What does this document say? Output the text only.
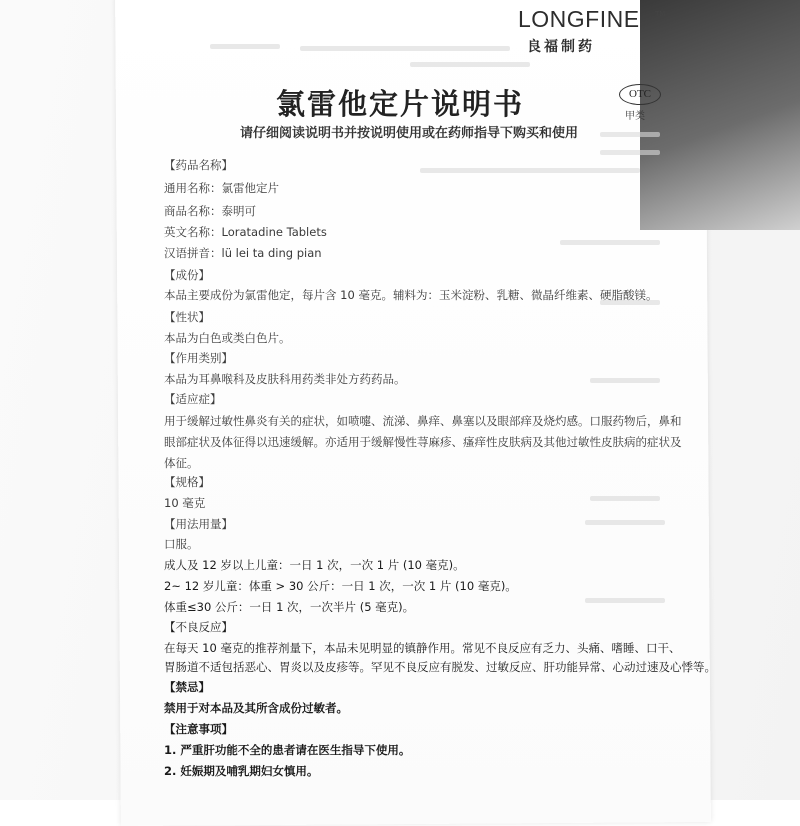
LONGFINE TM
良福制药
氯雷他定片说明书	OTC
甲类
请仔细阅读说明书并按说明使用或在药师指导下购买和使用
【药品名称】
通用名称：氯雷他定片
商品名称：泰明可
英文名称：Loratadine Tablets
汉语拼音：lü lei ta ding pian
【成份】
本品主要成份为氯雷他定，每片含 10 毫克。辅料为：玉米淀粉、乳糖、微晶纤维素、硬脂酸镁。
【性状】
本品为白色或类白色片。
【作用类别】
本品为耳鼻喉科及皮肤科用药类非处方药药品。
【适应症】
用于缓解过敏性鼻炎有关的症状，如喷嚏、流涕、鼻痒、鼻塞以及眼部痒及烧灼感。口服药物后，鼻和
眼部症状及体征得以迅速缓解。亦适用于缓解慢性荨麻疹、瘙痒性皮肤病及其他过敏性皮肤病的症状及
体征。
【规格】
10 毫克
【用法用量】
口服。
成人及 12 岁以上儿童：一日 1 次，一次 1 片 (10 毫克)。
2~ 12 岁儿童：体重 > 30 公斤：一日 1 次，一次 1 片 (10 毫克)。
体重≤30 公斤：一日 1 次，一次半片 (5 毫克)。
【不良反应】
在每天 10 毫克的推荐剂量下，本品未见明显的镇静作用。常见不良反应有乏力、头痛、嗜睡、口干、
胃肠道不适包括恶心、胃炎以及皮疹等。罕见不良反应有脱发、过敏反应、肝功能异常、心动过速及心悸等。
【禁忌】
禁用于对本品及其所含成份过敏者。
【注意事项】
1. 严重肝功能不全的患者请在医生指导下使用。
2. 妊娠期及哺乳期妇女慎用。
